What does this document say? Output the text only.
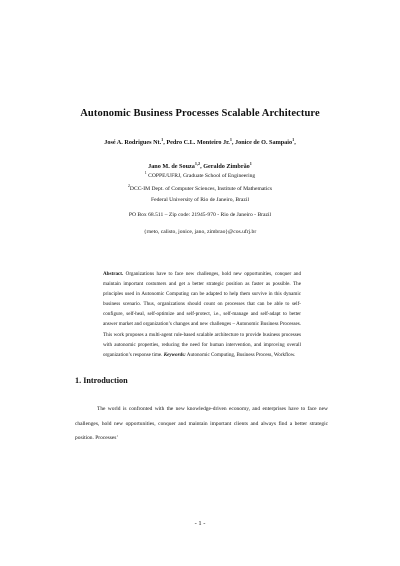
Autonomic Business Processes Scalable Architecture
José A. Rodrigues Nt.$^1$, Pedro C.L. Monteiro Jr.$^1$, Jonice de O. Sampaio$^1$,
Jano M. de Souza$^{1,2}$, Geraldo Zimbrão$^1$
$^1$ COPPE/UFRJ, Graduate School of Engineering
$^2$DCC-IM Dept. of Computer Sciences, Institute of Mathematics
Federal University of Rio de Janeiro, Brazil
PO Box 68.511 – Zip code: 21945-970 - Rio de Janeiro - Brazil
{rneto, calisto, jonice, jano, zimbrao}@cos.ufrj.br
Abstract. Organizations have to face new challenges, hold new opportunities, conquer and maintain important costumers and get a better strategic position as faster as possible. The principles used in Autonomic Computing can be adapted to help them survive in this dynamic business scenario. Thus, organizations should count on processes that can be able to self-configure, self-heal, self-optimize and self-protect, i.e., self-manage and self-adapt to better answer market and organization’s changes and new challenges – Autonomic Business Processes. This work proposes a multi-agent rule-based scalable architecture to provide business processes with autonomic properties, reducing the need for human intervention, and improving overall organization’s response time. Keywords: Autonomic Computing, Business Process, Workflow.
1. Introduction
The world is confronted with the new knowledge-driven economy, and enterprises have to face new challenges, hold new opportunities, conquer and maintain important clients and always find a better strategic position. Processes’
- 1 -
